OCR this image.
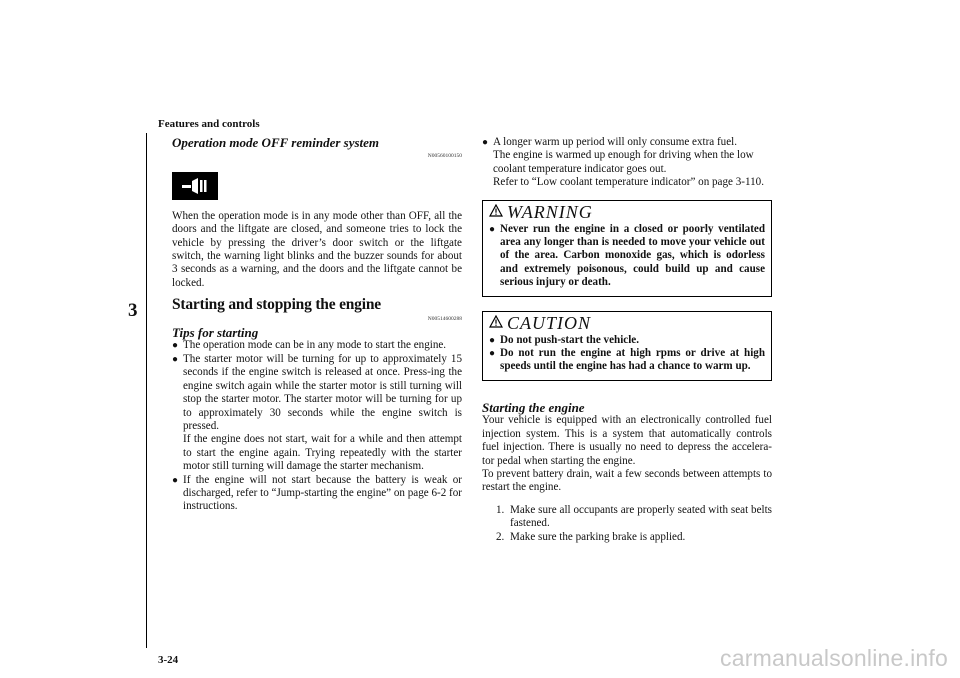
Features and controls
3

Operation mode OFF reminder system

N00560100150

When the operation mode is in any mode other than OFF, all the doors and the liftgate are closed, and someone tries to lock the vehicle by pressing the driver’s door switch or the liftgate switch, the warning light blinks and the buzzer sounds for about 3 seconds as a warning, and the doors and the liftgate cannot be locked.

Starting and stopping the engine

N00514600288

Tips for starting

● The operation mode can be in any mode to start the engine.
● The starter motor will be turning for up to approximately 15 seconds if the engine switch is released at once. Press-ing the engine switch again while the starter motor is still turning will stop the starter motor. The starter motor will be turning for up to approximately 30 seconds while the engine switch is pressed.
If the engine does not start, wait for a while and then attempt to start the engine again. Trying repeatedly with the starter motor still turning will damage the starter mechanism.
● If the engine will not start because the battery is weak or discharged, refer to “Jump-starting the engine” on page 6-2 for instructions.
● A longer warm up period will only consume extra fuel.
The engine is warmed up enough for driving when the low coolant temperature indicator goes out.
Refer to “Low coolant temperature indicator” on page 3-110.
WARNING
● Never run the engine in a closed or poorly ventilated area any longer than is needed to move your vehicle out of the area. Carbon monoxide gas, which is odorless and extremely poisonous, could build up and cause serious injury or death.
CAUTION
● Do not push-start the vehicle.
● Do not run the engine at high rpms or drive at high speeds until the engine has had a chance to warm up.

Starting the engine

Your vehicle is equipped with an electronically controlled fuel injection system. This is a system that automatically controls fuel injection. There is usually no need to depress the accelera-tor pedal when starting the engine.

To prevent battery drain, wait a few seconds between attempts to restart the engine.

1. Make sure all occupants are properly seated with seat belts fastened.
2. Make sure the parking brake is applied.
3-24	carmanualsonline.info
